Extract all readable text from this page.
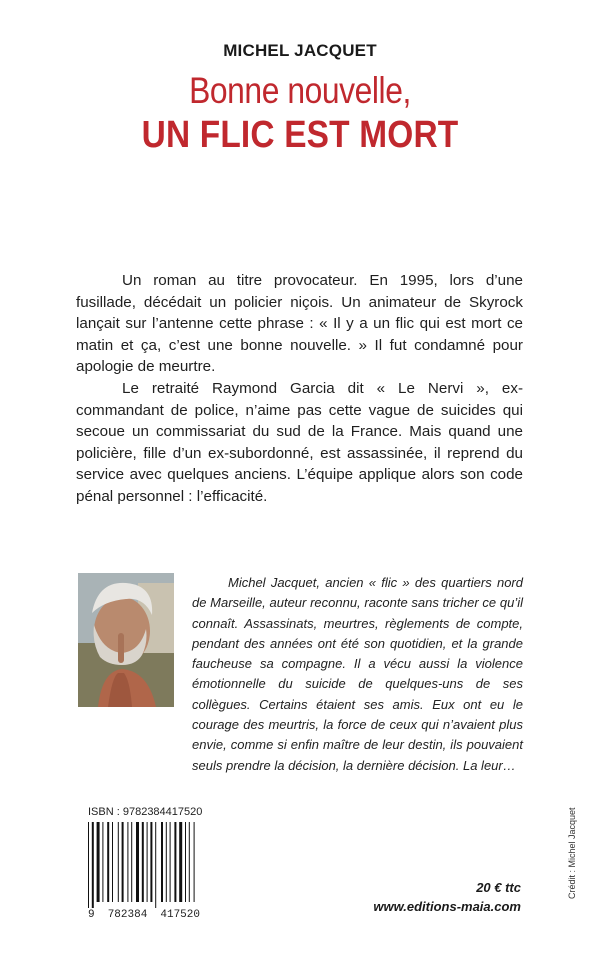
MICHEL JACQUET
Bonne nouvelle,
UN FLIC EST MORT

Un roman au titre provocateur. En 1995, lors d’une fusillade, décédait un policier niçois. Un animateur de Skyrock lançait sur l’antenne cette phrase : « Il y a un flic qui est mort ce matin et ça, c’est une bonne nouvelle. » Il fut condamné pour apologie de meurtre.

Le retraité Raymond Garcia dit « Le Nervi », ex-commandant de police, n’aime pas cette vague de suicides qui secoue un commissariat du sud de la France. Mais quand une policière, fille d’un ex-subordonné, est assassinée, il reprend du service avec quelques anciens. L’équipe applique alors son code pénal personnel : l’efficacité.

Michel Jacquet, ancien « flic » des quartiers nord de Marseille, auteur reconnu, raconte sans tricher ce qu’il connaît. Assassinats, meurtres, règlements de compte, pendant des années ont été son quotidien, et la grande faucheuse sa compagne. Il a vécu aussi la violence émotionnelle du suicide de quelques-uns de ses collègues. Certains étaient ses amis. Eux ont eu le courage des meurtris, la force de ceux qui n’avaient plus envie, comme si enfin maître de leur destin, ils pouvaient seuls prendre la décision, la dernière décision. La leur…

ISBN : 9782384417520
9 782384 417520
20 € ttc
www.editions-maia.com
Crédit : Michel Jacquet
